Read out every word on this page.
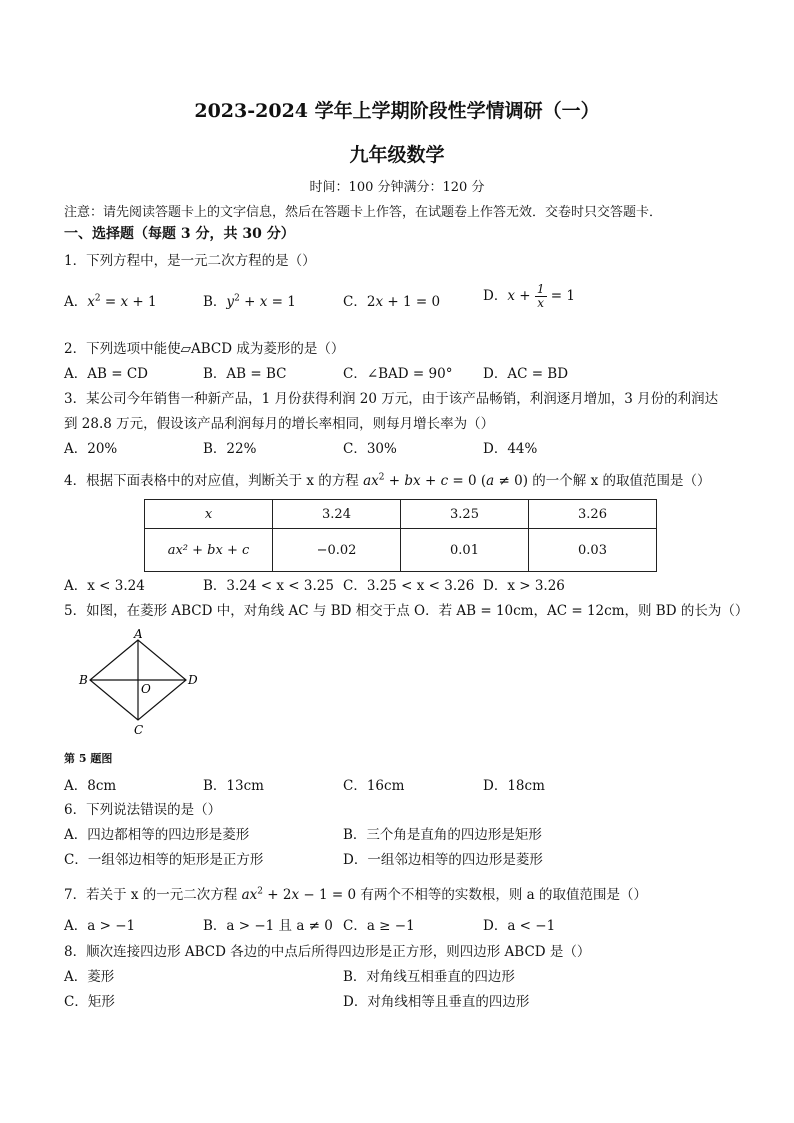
2023-2024 学年上学期阶段性学情调研（一）
九年级数学
时间：100 分钟满分：120 分
注意：请先阅读答题卡上的文字信息，然后在答题卡上作答，在试题卷上作答无效．交卷时只交答题卡．
一、选择题（每题 3 分，共 30 分）
1．下列方程中，是一元二次方程的是（）
A．$x^2 = x + 1$	B．$y^2 + x = 1$	C．2x + 1 = 0	D．$x + \frac{1}{x} = 1$
2．下列选项中能使▱ABCD 成为菱形的是（）
A．AB = CD	B．AB = BC	C．∠BAD = 90° D．AC = BD
3．某公司今年销售一种新产品，1 月份获得利润 20 万元，由于该产品畅销，利润逐月增加，3 月份的利润达
到 28.8 万元，假设该产品利润每月的增长率相同，则每月增长率为（）
A．20%	B．22%	C．30%	D．44%
4．根据下面表格中的对应值，判断关于 x 的方程 $ax^2$ + bx + c = 0 (a ≠ 0) 的一个解 x 的取值范围是（）
x	3.24	3.25	3.26
ax² + bx + c	−0.02	0.01	0.03
A．x < 3.24	B．3.24 < x < 3.25 C．3.25 < x < 3.26 D．x > 3.26
5．如图，在菱形 ABCD 中，对角线 AC 与 BD 相交于点 O．若 AB = 10cm，AC = 12cm，则 BD 的长为（）
A
B
C
D
O
第 5 题图
A．8cm	B．13cm	C．16cm	D．18cm
6．下列说法错误的是（）
A．四边都相等的四边形是菱形	B．三个角是直角的四边形是矩形
C．一组邻边相等的矩形是正方形	D．一组邻边相等的四边形是菱形
7．若关于 x 的一元二次方程 $ax^2 + 2x - 1 = 0$ 有两个不相等的实数根，则 a 的取值范围是（）
A．a > −1	B．a > −1 且 a ≠ 0 C．a ≥ −1	D．a < −1
8．顺次连接四边形 ABCD 各边的中点后所得四边形是正方形，则四边形 ABCD 是（）
A．菱形	B．对角线互相垂直的四边形
C．矩形	D．对角线相等且垂直的四边形
